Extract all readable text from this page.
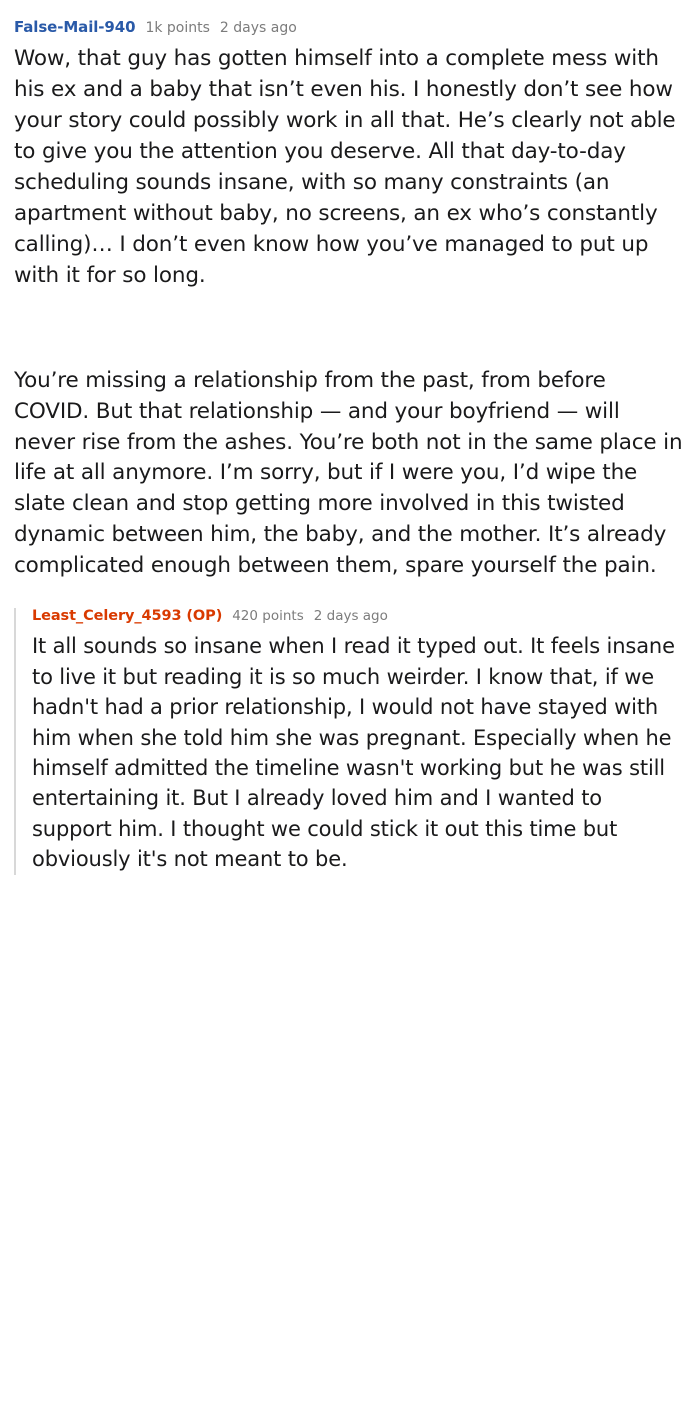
False-Mail-940 1k points 2 days ago

Wow, that guy has gotten himself into a complete mess with his ex and a baby that isn’t even his. I honestly don’t see how your story could possibly work in all that. He’s clearly not able to give you the attention you deserve. All that day-to-day scheduling sounds insane, with so many constraints (an apartment without baby, no screens, an ex who’s constantly calling)… I don’t even know how you’ve managed to put up with it for so long.

You’re missing a relationship from the past, from before COVID. But that relationship — and your boyfriend — will never rise from the ashes. You’re both not in the same place in life at all anymore. I’m sorry, but if I were you, I’d wipe the slate clean and stop getting more involved in this twisted dynamic between him, the baby, and the mother. It’s already complicated enough between them, spare yourself the pain.

Least_Celery_4593 (OP) 420 points 2 days ago

It all sounds so insane when I read it typed out. It feels insane to live it but reading it is so much weirder. I know that, if we hadn't had a prior relationship, I would not have stayed with him when she told him she was pregnant. Especially when he himself admitted the timeline wasn't working but he was still entertaining it. But I already loved him and I wanted to support him. I thought we could stick it out this time but obviously it's not meant to be.
